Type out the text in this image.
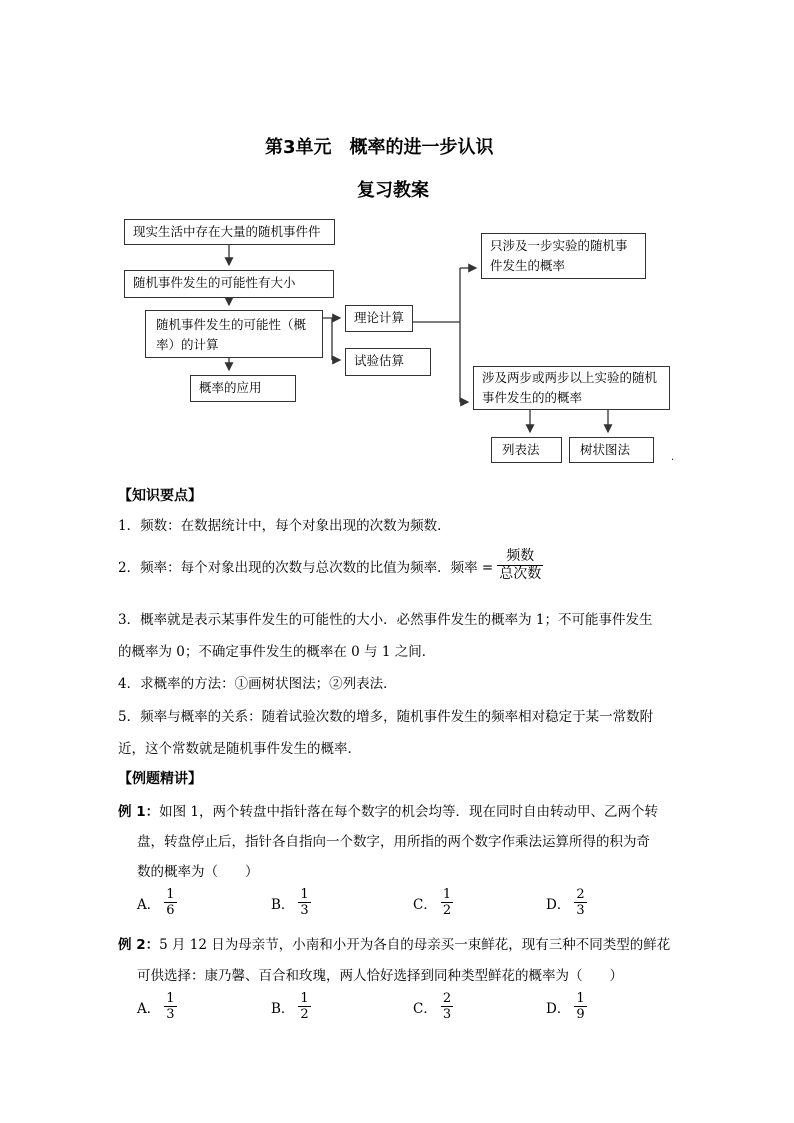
第3单元　概率的进一步认识
复习教案
现实生活中存在大量的随机事件件
随机事件发生的可能性有大小
随机事件发生的可能性（概率）的计算
概率的应用
理论计算
试验估算
只涉及一步实验的随机事件发生的概率
涉及两步或两步以上实验的随机事件发生的的概率
列表法	树状图法
.
【知识要点】
1．频数：在数据统计中，每个对象出现的次数为频数．
2．频率：每个对象出现的次数与总次数的比值为频率．频率 = $\frac{\text{频数}}{\text{总次数}}$
3．概率就是表示某事件发生的可能性的大小．必然事件发生的概率为 1；不可能事件发生
的概率为 0；不确定事件发生的概率在 0 与 1 之间．
4．求概率的方法：①画树状图法；②列表法．
5．频率与概率的关系：随着试验次数的增多，随机事件发生的频率相对稳定于某一常数附
近，这个常数就是随机事件发生的概率．
【例题精讲】
例 1：如图 1，两个转盘中指针落在每个数字的机会均等．现在同时自由转动甲、乙两个转
盘，转盘停止后，指针各自指向一个数字，用所指的两个数字作乘法运算所得的积为奇
数的概率为（　　）
A． $\frac{1}{6}$	B． $\frac{1}{3}$	C． $\frac{1}{2}$	D． $\frac{2}{3}$
例 2：5 月 12 日为母亲节，小南和小开为各自的母亲买一束鲜花，现有三种不同类型的鲜花
可供选择：康乃馨、百合和玫瑰，两人恰好选择到同种类型鲜花的概率为（　　）
A． $\frac{1}{3}$	B． $\frac{1}{2}$	C． $\frac{2}{3}$	D． $\frac{1}{9}$
